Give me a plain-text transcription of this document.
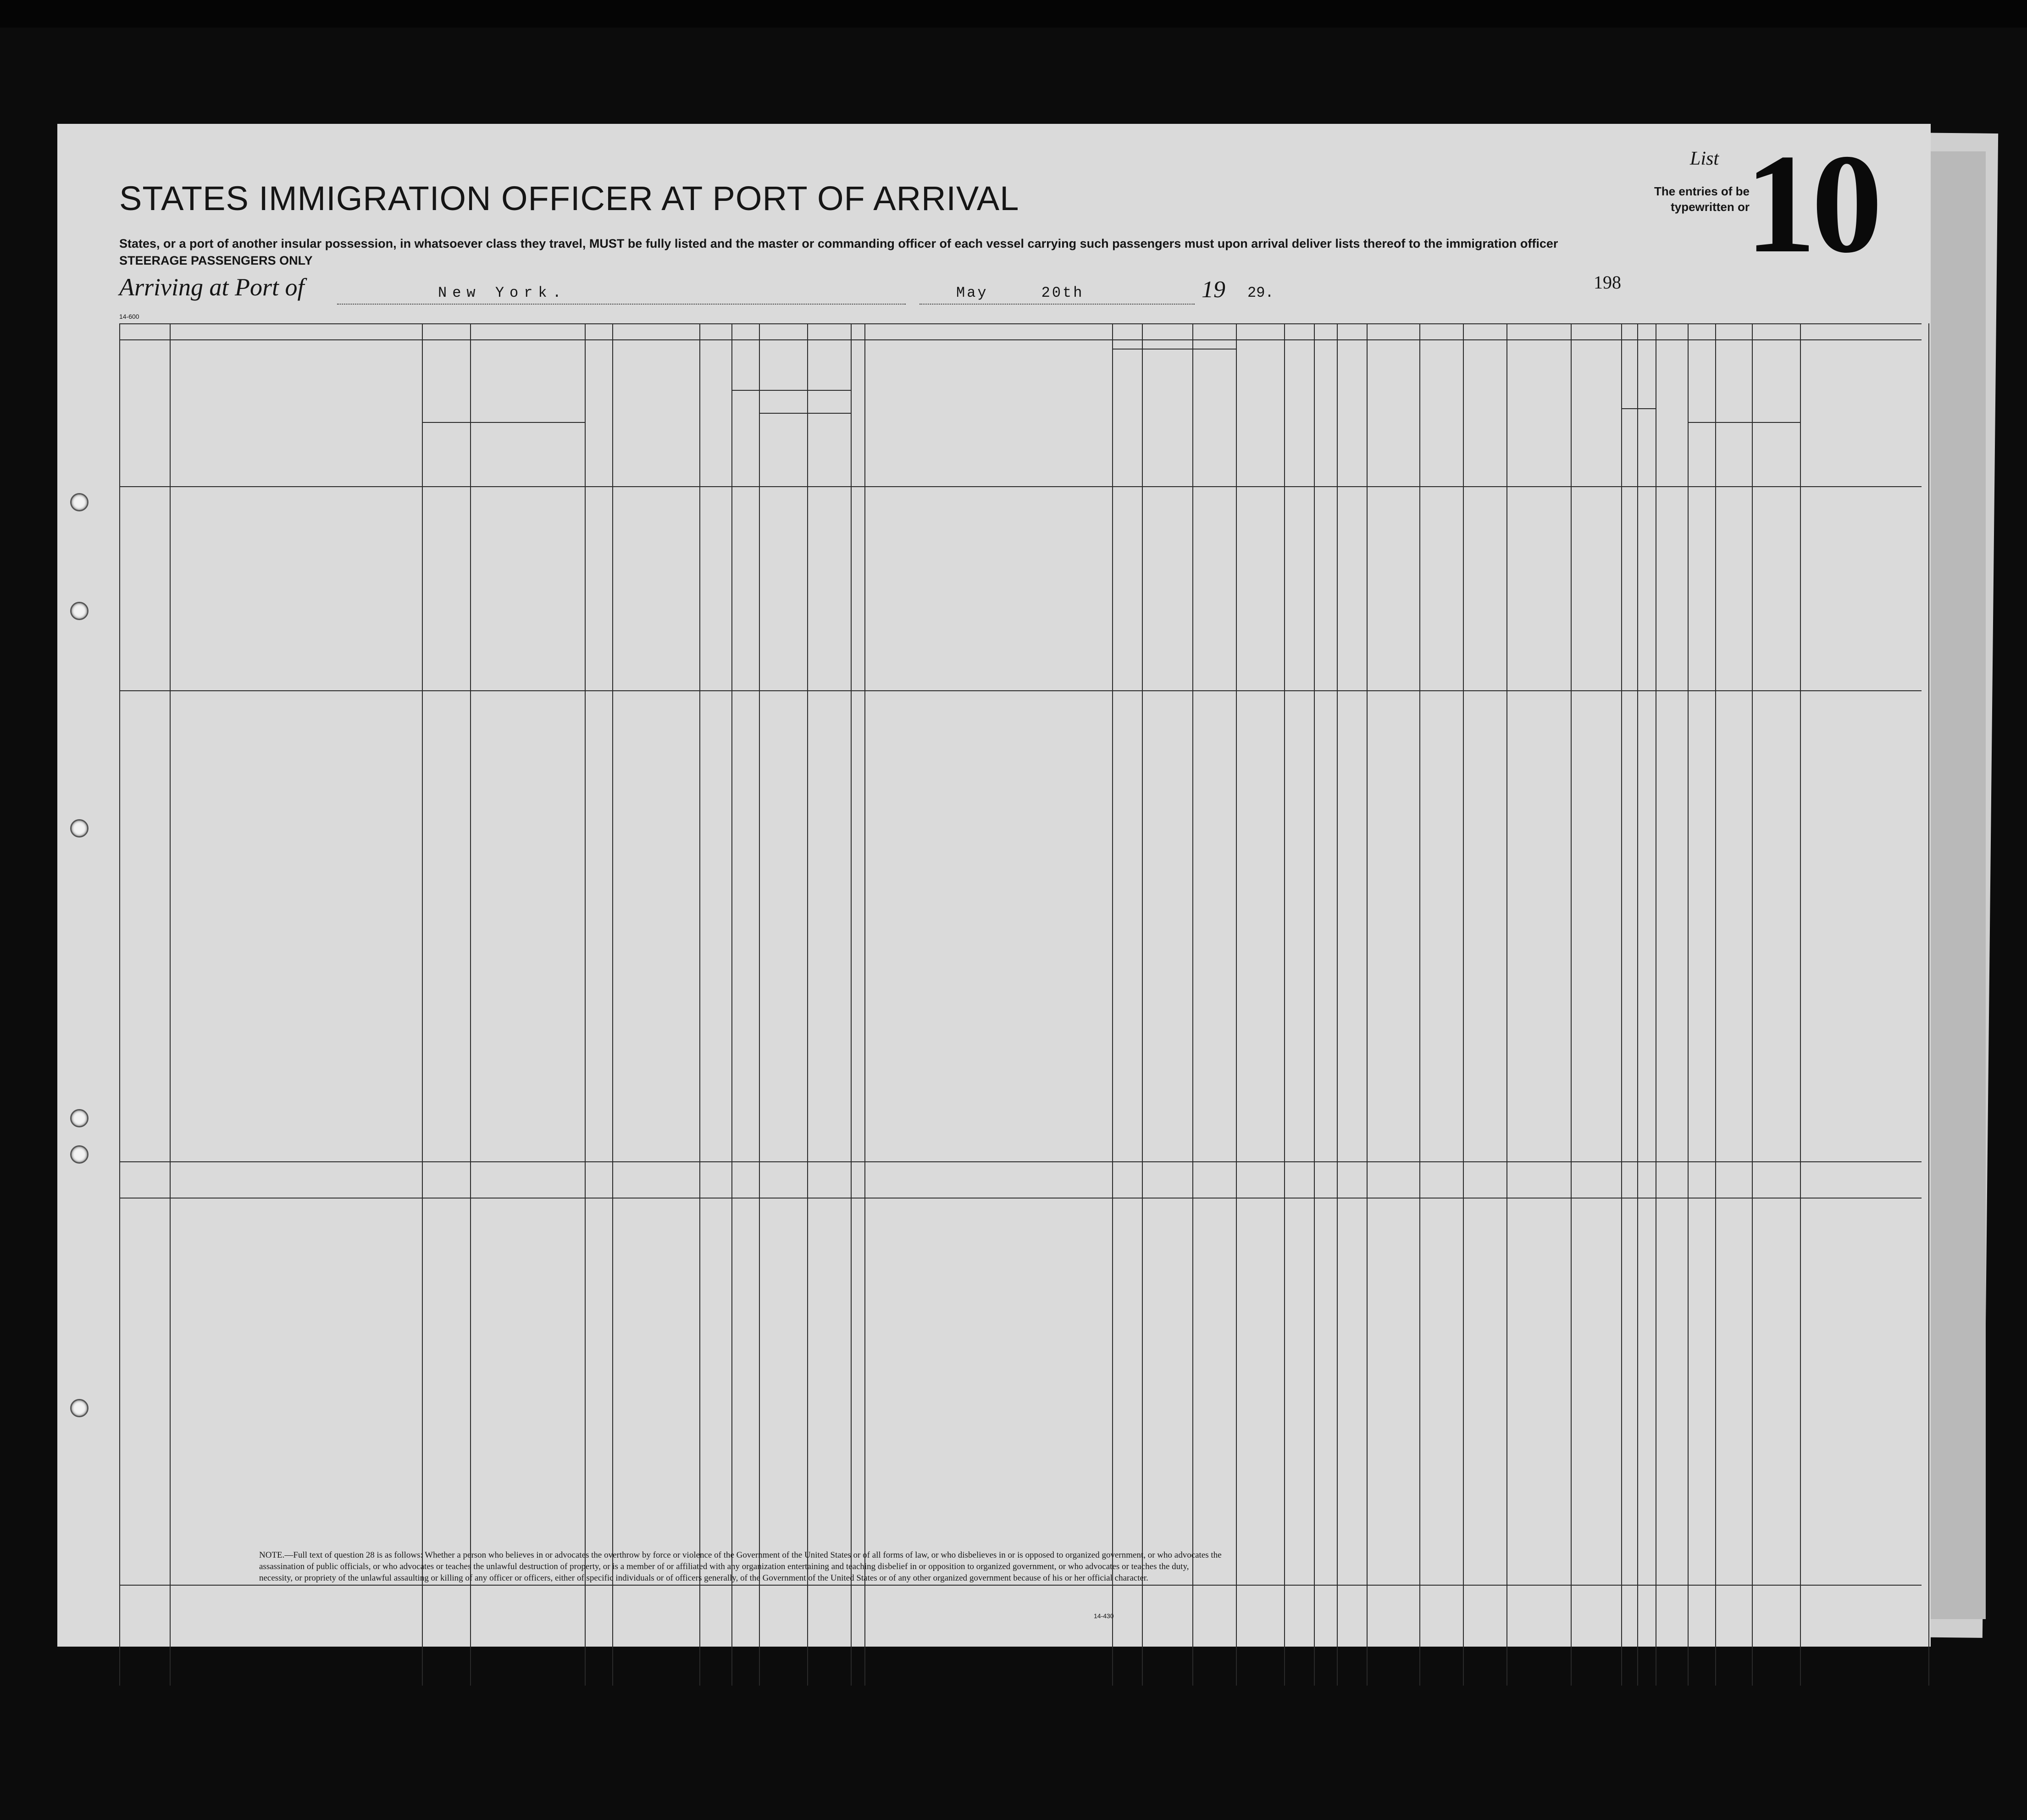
STATES IMMIGRATION OFFICER AT PORT OF ARRIVAL
States, or a port of another insular possession, in whatsoever class they travel, MUST be fully listed and the master or commanding officer of each vessel carrying such passengers must upon arrival deliver lists thereof to the immigration officer
STEERAGE PASSENGERS ONLY
List
The entries of be typewritten or
10
Arriving at Port of	New York.	May     20th	19 29.
198
14-600
NOTE.—Full text of question 28 is as follows: Whether a person who believes in or advocates the overthrow by force or violence of the Government of the United States or of all forms of law, or who disbelieves in or is opposed to organized government, or who advocates the assassination of public officials, or who advocates or teaches the unlawful destruction of property, or is a member of or affiliated with any organization entertaining and teaching disbelief in or opposition to organized government, or who advocates or teaches the duty, necessity, or propriety of the unlawful assaulting or killing of any officer or officers, either of specific individuals or of officers generally, of the Government of the United States or of any other organized government because of his or her official character.
14-430
